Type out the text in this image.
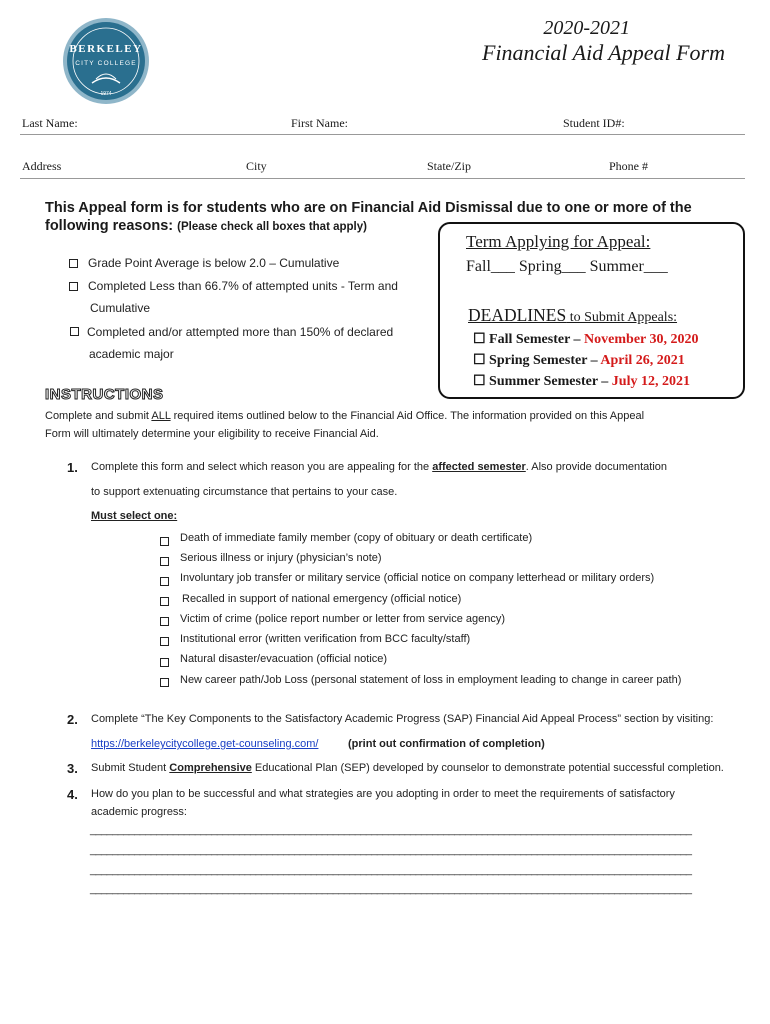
BERKELEY
CITY COLLEGE
1974
2020-2021
Financial Aid Appeal Form
Last Name:	First Name:	Student ID#:
Address	City	State/Zip	Phone #
This Appeal form is for students who are on Financial Aid Dismissal due to one or more of the following reasons: (Please check all boxes that apply)
Grade Point Average is below 2.0 – Cumulative
Completed Less than 66.7% of attempted units - Term and
Cumulative
Completed and/or attempted more than 150% of declared
academic major
Term Applying for Appeal:
Fall___ Spring___ Summer___
DEADLINES to Submit Appeals:
☐ Fall Semester – November 30, 2020
☐ Spring Semester – April 26, 2021
☐ Summer Semester – July 12, 2021
INSTRUCTIONS
Complete and submit ALL required items outlined below to the Financial Aid Office. The information provided on this Appeal
Form will ultimately determine your eligibility to receive Financial Aid.
1. Complete this form and select which reason you are appealing for the affected semester. Also provide documentation
to support extenuating circumstance that pertains to your case.
Must select one:
Death of immediate family member (copy of obituary or death certificate)
Serious illness or injury (physician’s note)
Involuntary job transfer or military service (official notice on company letterhead or military orders)
Recalled in support of national emergency (official notice)
Victim of crime (police report number or letter from service agency)
Institutional error (written verification from BCC faculty/staff)
Natural disaster/evacuation (official notice)
New career path/Job Loss (personal statement of loss in employment leading to change in career path)
2. Complete “The Key Components to the Satisfactory Academic Progress (SAP) Financial Aid Appeal Process” section by visiting:
https://berkeleycitycollege.get-counseling.com/	(print out confirmation of completion)
3. Submit Student Comprehensive Educational Plan (SEP) developed by counselor to demonstrate potential successful completion.
4. How do you plan to be successful and what strategies are you adopting in order to meet the requirements of satisfactory
academic progress:
_____________________________________________________________________________________________________________
_____________________________________________________________________________________________________________
_____________________________________________________________________________________________________________
_____________________________________________________________________________________________________________
